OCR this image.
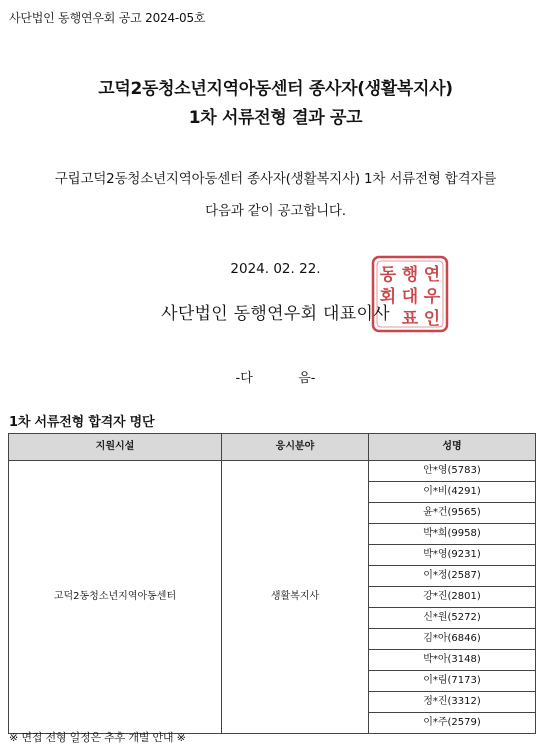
사단법인 동행연우회 공고 2024-05호
고덕2동청소년지역아동센터 종사자(생활복지사)
1차 서류전형 결과 공고
구립고덕2동청소년지역아동센터 종사자(생활복지사) 1차 서류전형 합격자를
다음과 같이 공고합니다.
2024. 02. 22.	동 행 연
우
회 대
표 인
사단법인 동행연우회 대표이사
-다           음-
1차 서류전형 합격자 명단
지원시설	응시분야	성명
고덕2동청소년지역아동센터	생활복지사	안*영(5783)
		이*비(4291)
		윤*건(9565)
		박*희(9958)
		박*영(9231)
		이*정(2587)
		강*진(2801)
		신*원(5272)
		김*아(6846)
		박*아(3148)
		이*림(7173)
		정*진(3312)
		이*주(2579)
※ 면접 전형 일정은 추후 개별 안내 ※
